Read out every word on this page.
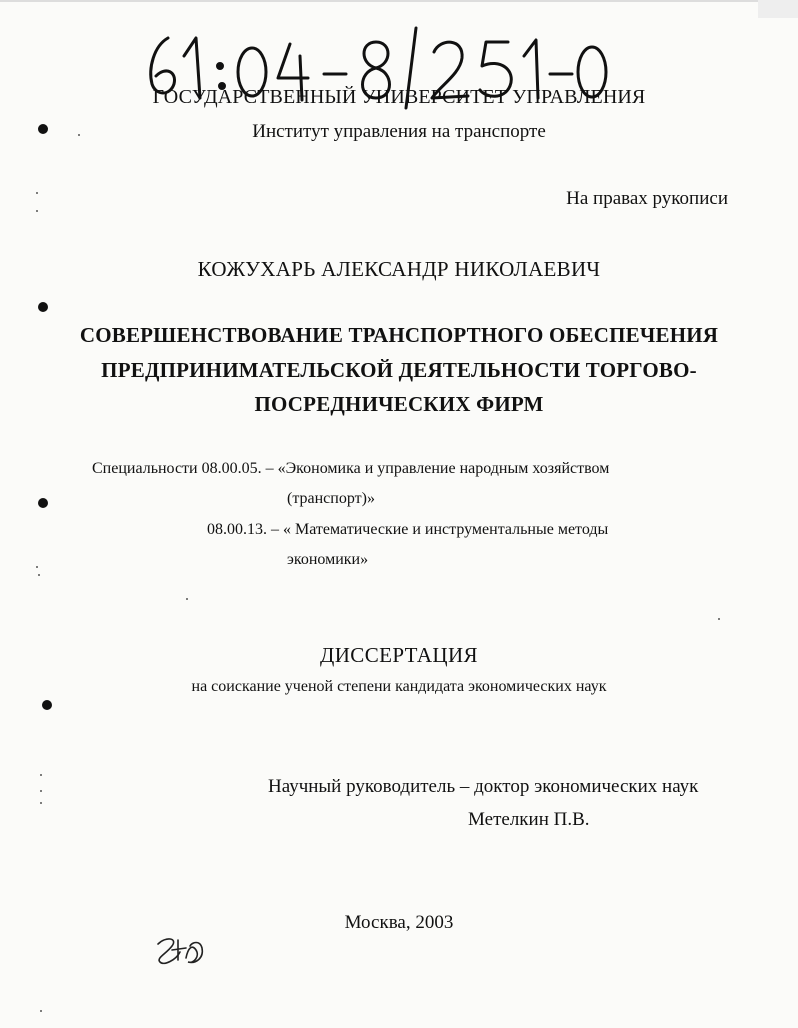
ГОСУДАРСТВЕННЫЙ УНИВЕРСИТЕТ УПРАВЛЕНИЯ
Институт управления на транспорте
На правах рукописи
КОЖУХАРЬ АЛЕКСАНДР НИКОЛАЕВИЧ
СОВЕРШЕНСТВОВАНИЕ ТРАНСПОРТНОГО ОБЕСПЕЧЕНИЯ
ПРЕДПРИНИМАТЕЛЬСКОЙ ДЕЯТЕЛЬНОСТИ ТОРГОВО-
ПОСРЕДНИЧЕСКИХ ФИРМ
Специальности 08.00.05. – «Экономика и управление народным хозяйством
(транспорт)»
08.00.13. – « Математические и инструментальные методы
экономики»
ДИССЕРТАЦИЯ
на соискание ученой степени кандидата экономических наук
Научный руководитель – доктор экономических наук
Метелкин П.В.
Москва, 2003
